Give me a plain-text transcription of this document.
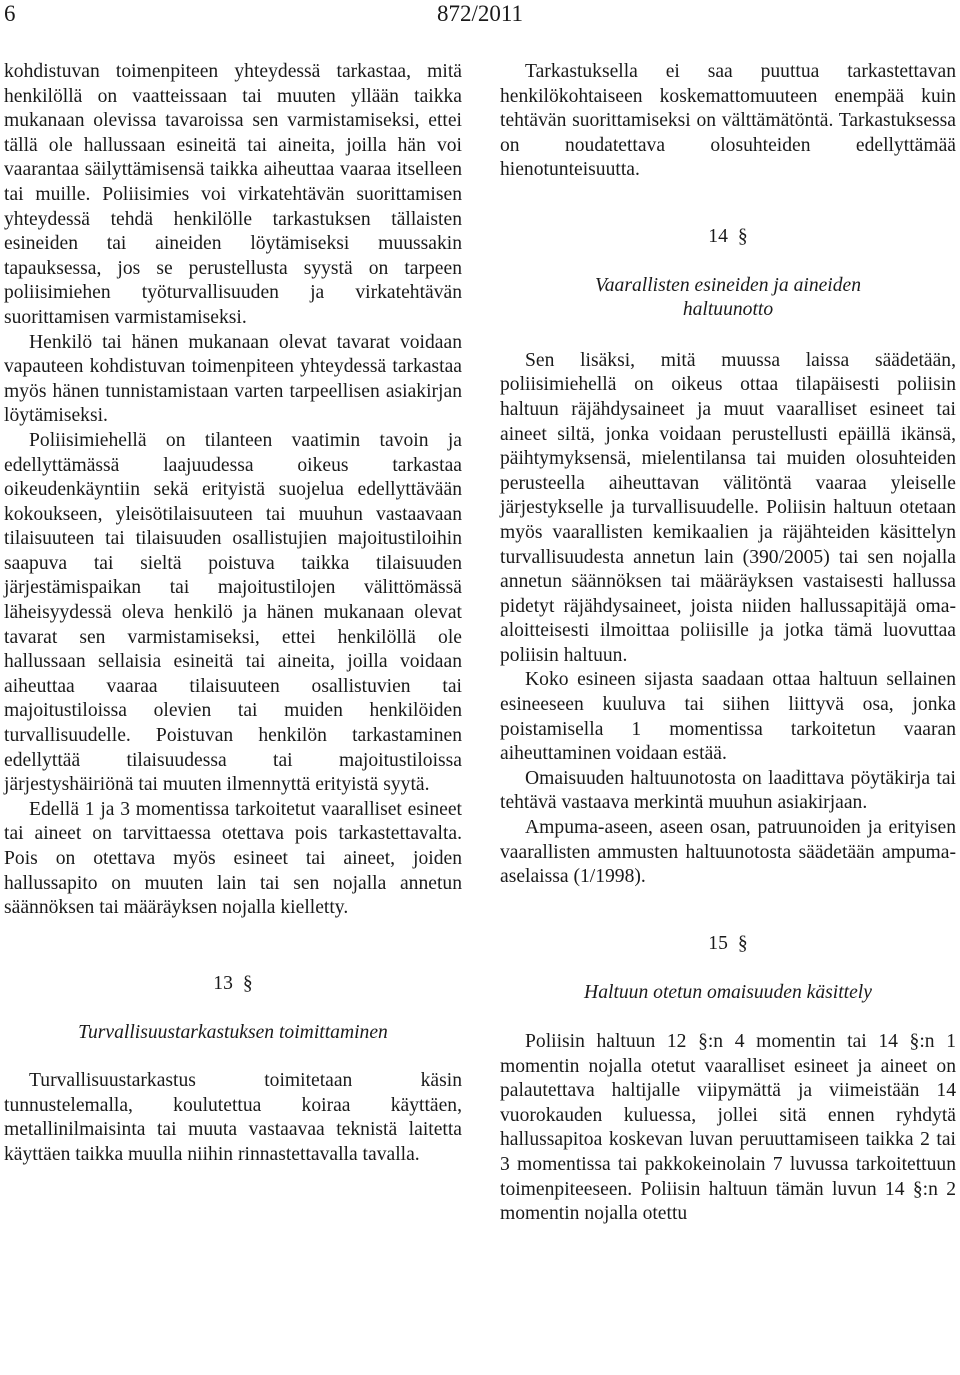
6	872/2011

kohdistuvan toimenpiteen yhteydessä tarkastaa, mitä henkilöllä on vaatteissaan tai muuten yllään taikka mukanaan olevissa tavaroissa sen varmistamiseksi, ettei tällä ole hallussaan esineitä tai aineita, joilla hän voi vaarantaa säilyttämisensä taikka aiheuttaa vaaraa itselleen tai muille. Poliisimies voi virkatehtävän suorittamisen yhteydessä tehdä henkilölle tarkastuksen tällaisten esineiden tai aineiden löytämiseksi muussakin tapauksessa, jos se perustellusta syystä on tarpeen poliisimiehen työturvallisuuden ja virkatehtävän suorittamisen varmistamiseksi.

Henkilö tai hänen mukanaan olevat tavarat voidaan vapauteen kohdistuvan toimenpiteen yhteydessä tarkastaa myös hänen tunnistamistaan varten tarpeellisen asiakirjan löytämiseksi.

Poliisimiehellä on tilanteen vaatimin tavoin ja edellyttämässä laajuudessa oikeus tarkastaa oikeudenkäyntiin sekä erityistä suojelua edellyttävään kokoukseen, yleisötilaisuuteen tai muuhun vastaavaan tilaisuuteen tai tilaisuuden osallistujien majoitustiloihin saapuva tai sieltä poistuva taikka tilaisuuden järjestämispaikan tai majoitustilojen välittömässä läheisyydessä oleva henkilö ja hänen mukanaan olevat tavarat sen varmistamiseksi, ettei henkilöllä ole hallussaan sellaisia esineitä tai aineita, joilla voidaan aiheuttaa vaaraa tilaisuuteen osallistuvien tai majoitustiloissa olevien tai muiden henkilöiden turvallisuudelle. Poistuvan henkilön tarkastaminen edellyttää tilaisuudessa tai majoitustiloissa järjestyshäiriönä tai muuten ilmennyttä erityistä syytä.

Edellä 1 ja 3 momentissa tarkoitetut vaaralliset esineet tai aineet on tarvittaessa otettava pois tarkastettavalta. Pois on otettava myös esineet tai aineet, joiden hallussapito on muuten lain tai sen nojalla annetun säännöksen tai määräyksen nojalla kielletty.

13 §
Turvallisuustarkastuksen toimittaminen

Turvallisuustarkastus toimitetaan käsin tunnustelemalla, koulutettua koiraa käyttäen, metallinilmaisinta tai muuta vastaavaa teknistä laitetta käyttäen taikka muulla niihin rinnastettavalla tavalla.

Tarkastuksella ei saa puuttua tarkastettavan henkilökohtaiseen koskemattomuuteen enempää kuin tehtävän suorittamiseksi on välttämätöntä. Tarkastuksessa on noudatettava olosuhteiden edellyttämää hienotunteisuutta.

14 §
Vaarallisten esineiden ja aineiden
haltuunotto

Sen lisäksi, mitä muussa laissa säädetään, poliisimiehellä on oikeus ottaa tilapäisesti poliisin haltuun räjähdysaineet ja muut vaaralliset esineet tai aineet siltä, jonka voidaan perustellusti epäillä ikänsä, päihtymyksensä, mielentilansa tai muiden olosuhteiden perusteella aiheuttavan välitöntä vaaraa yleiselle järjestykselle ja turvallisuudelle. Poliisin haltuun otetaan myös vaarallisten kemikaalien ja räjähteiden käsittelyn turvallisuudesta annetun lain (390/2005) tai sen nojalla annetun säännöksen tai määräyksen vastaisesti hallussa pidetyt räjähdysaineet, joista niiden hallussapitäjä oma-aloitteisesti ilmoittaa poliisille ja jotka tämä luovuttaa poliisin haltuun.

Koko esineen sijasta saadaan ottaa haltuun sellainen esineeseen kuuluva tai siihen liittyvä osa, jonka poistamisella 1 momentissa tarkoitetun vaaran aiheuttaminen voidaan estää.

Omaisuuden haltuunotosta on laadittava pöytäkirja tai tehtävä vastaava merkintä muuhun asiakirjaan.

Ampuma-aseen, aseen osan, patruunoiden ja erityisen vaarallisten ammusten haltuunotosta säädetään ampuma-aselaissa (1/1998).

15 §
Haltuun otetun omaisuuden käsittely

Poliisin haltuun 12 §:n 4 momentin tai 14 §:n 1 momentin nojalla otetut vaaralliset esineet ja aineet on palautettava haltijalle viipymättä ja viimeistään 14 vuorokauden kuluessa, jollei sitä ennen ryhdytä hallussapitoa koskevan luvan peruuttamiseen taikka 2 tai 3 momentissa tai pakkokeinolain 7 luvussa tarkoitettuun toimenpiteeseen. Poliisin haltuun tämän luvun 14 §:n 2 momentin nojalla otettu
